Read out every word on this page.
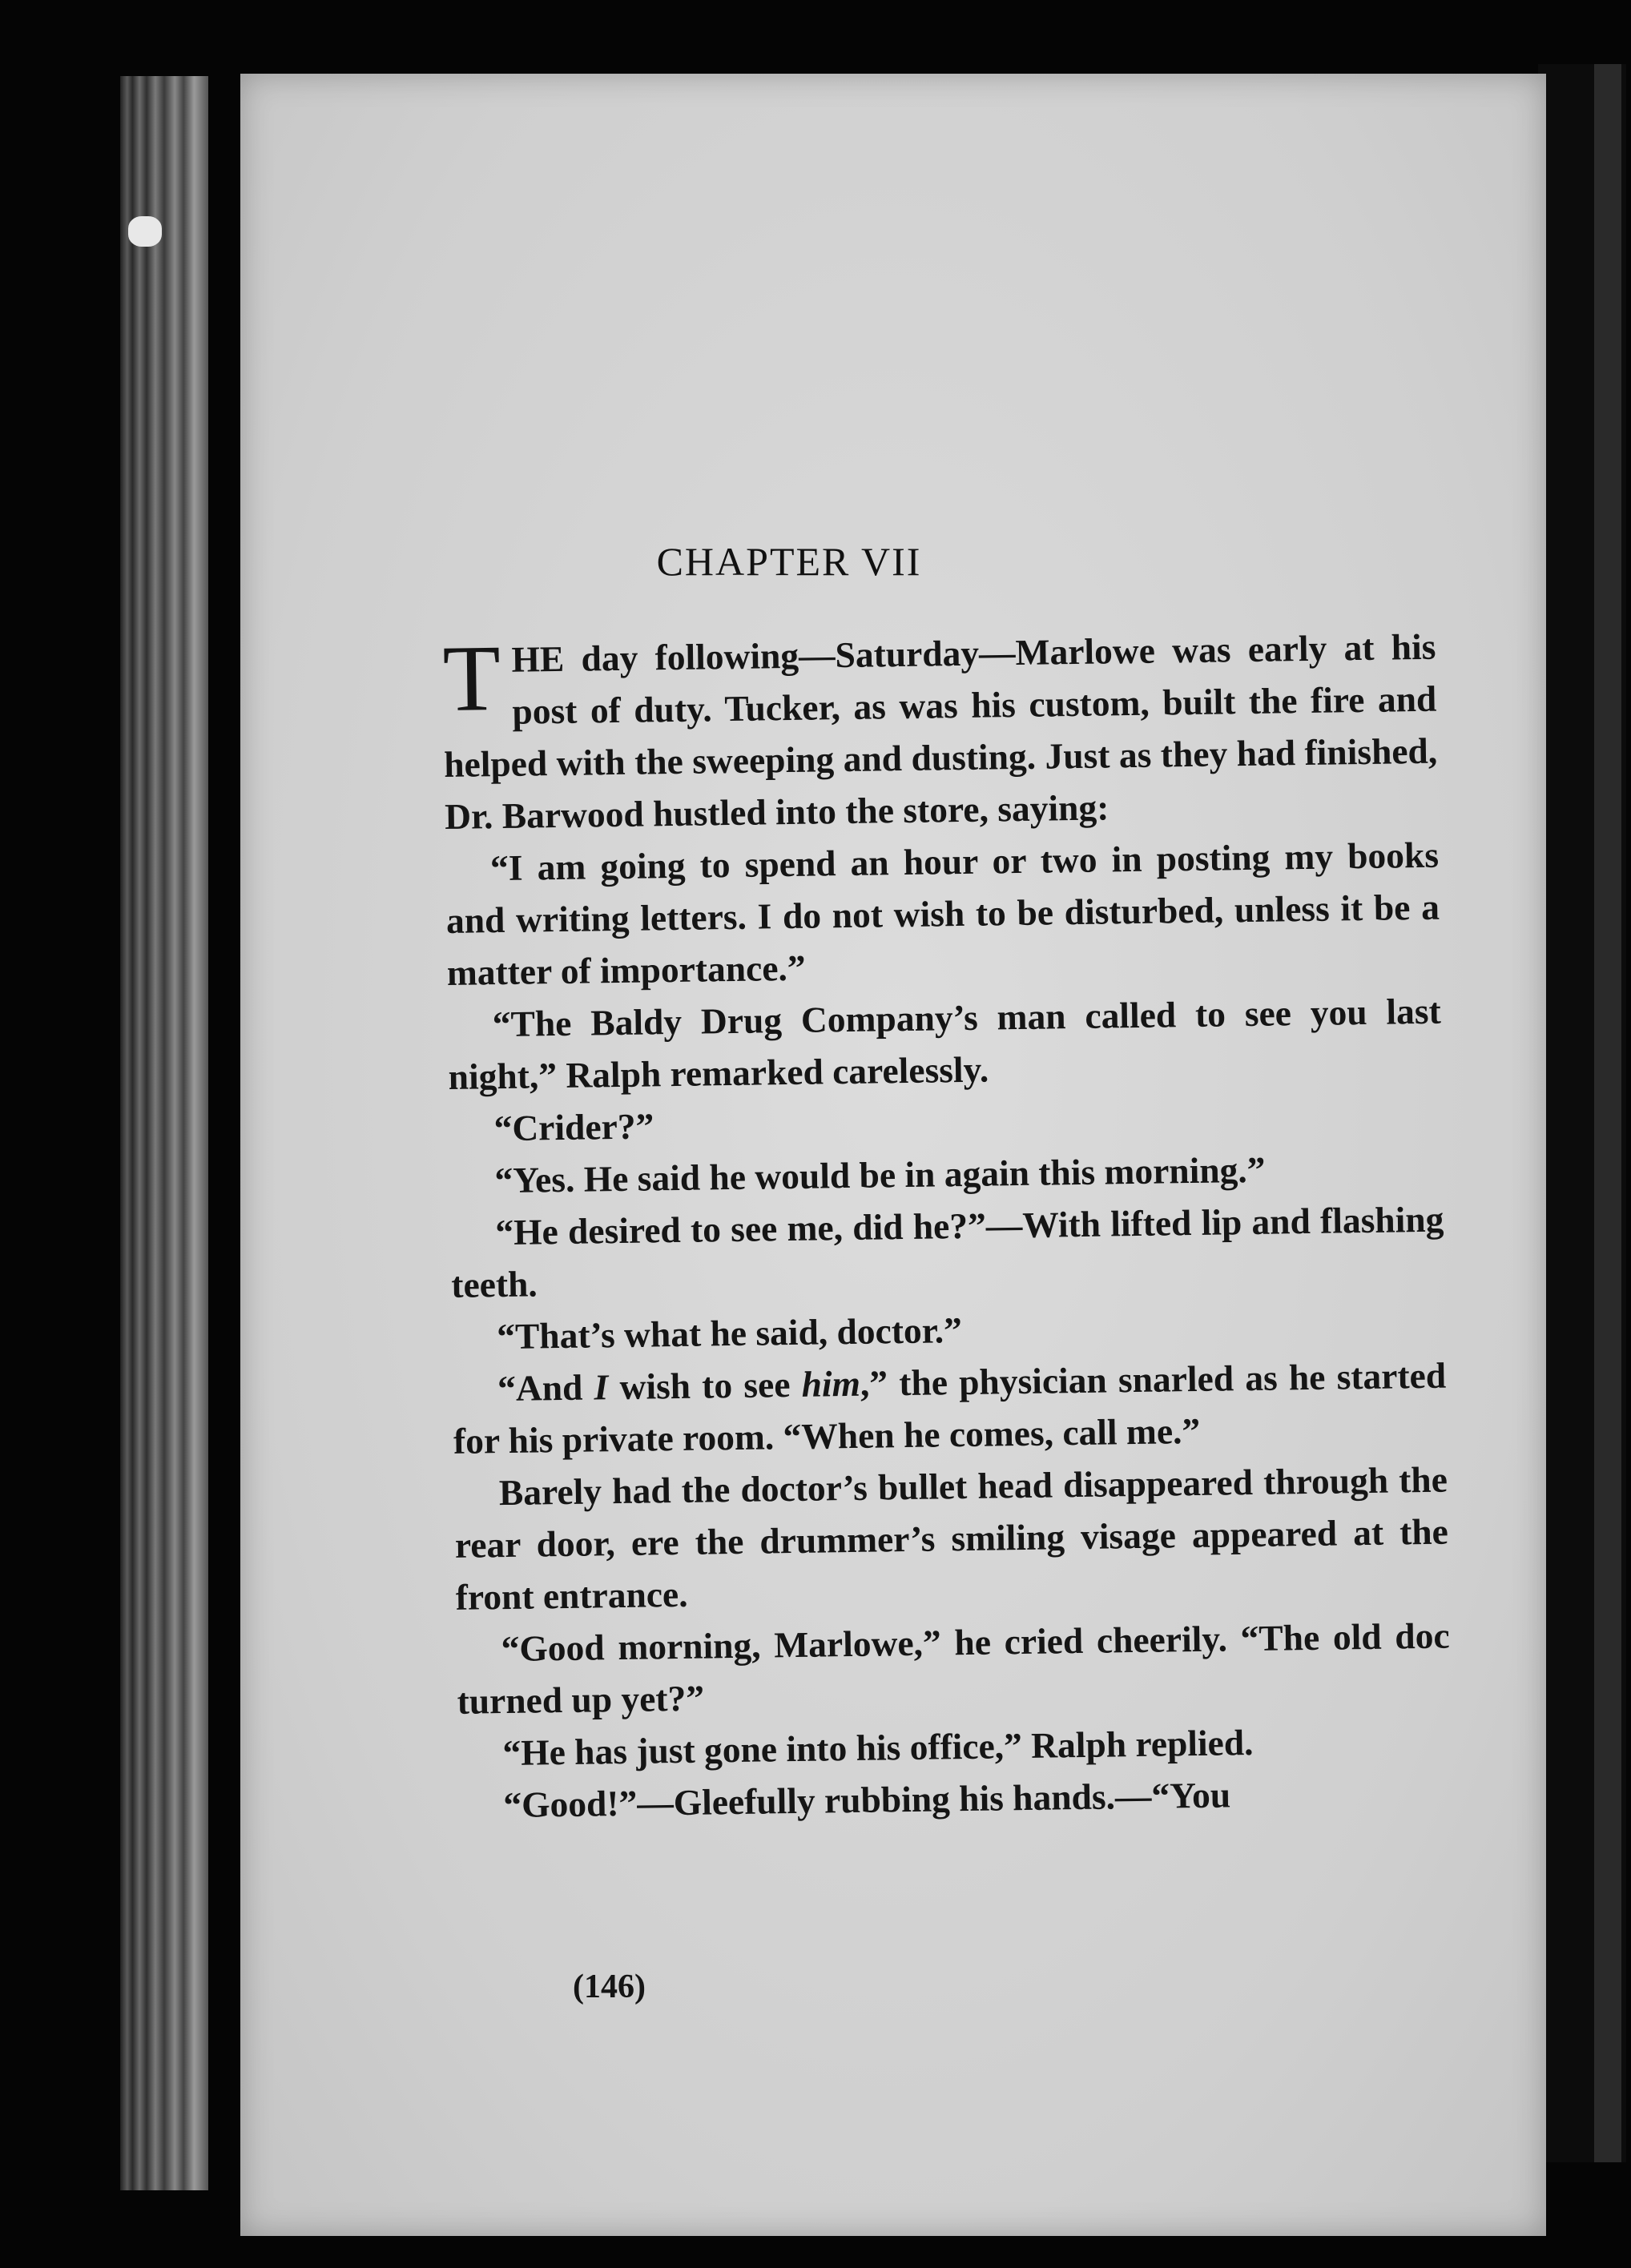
CHAPTER VII

THE day following—Saturday—Marlowe was early at his post of duty. Tucker, as was his custom, built the fire and helped with the sweeping and dusting. Just as they had finished, Dr. Barwood hustled into the store, saying:

“I am going to spend an hour or two in posting my books and writing letters. I do not wish to be disturbed, unless it be a matter of importance.”

“The Baldy Drug Company’s man called to see you last night,” Ralph remarked carelessly.

“Crider?”

“Yes. He said he would be in again this morning.”

“He desired to see me, did he?”—With lifted lip and flashing teeth.

“That’s what he said, doctor.”

“And I wish to see him,” the physician snarled as he started for his private room. “When he comes, call me.”

Barely had the doctor’s bullet head disappeared through the rear door, ere the drummer’s smiling visage appeared at the front entrance.

“Good morning, Marlowe,” he cried cheerily. “The old doc turned up yet?”

“He has just gone into his office,” Ralph replied.

“Good!”—Gleefully rubbing his hands.—“You

(146)
